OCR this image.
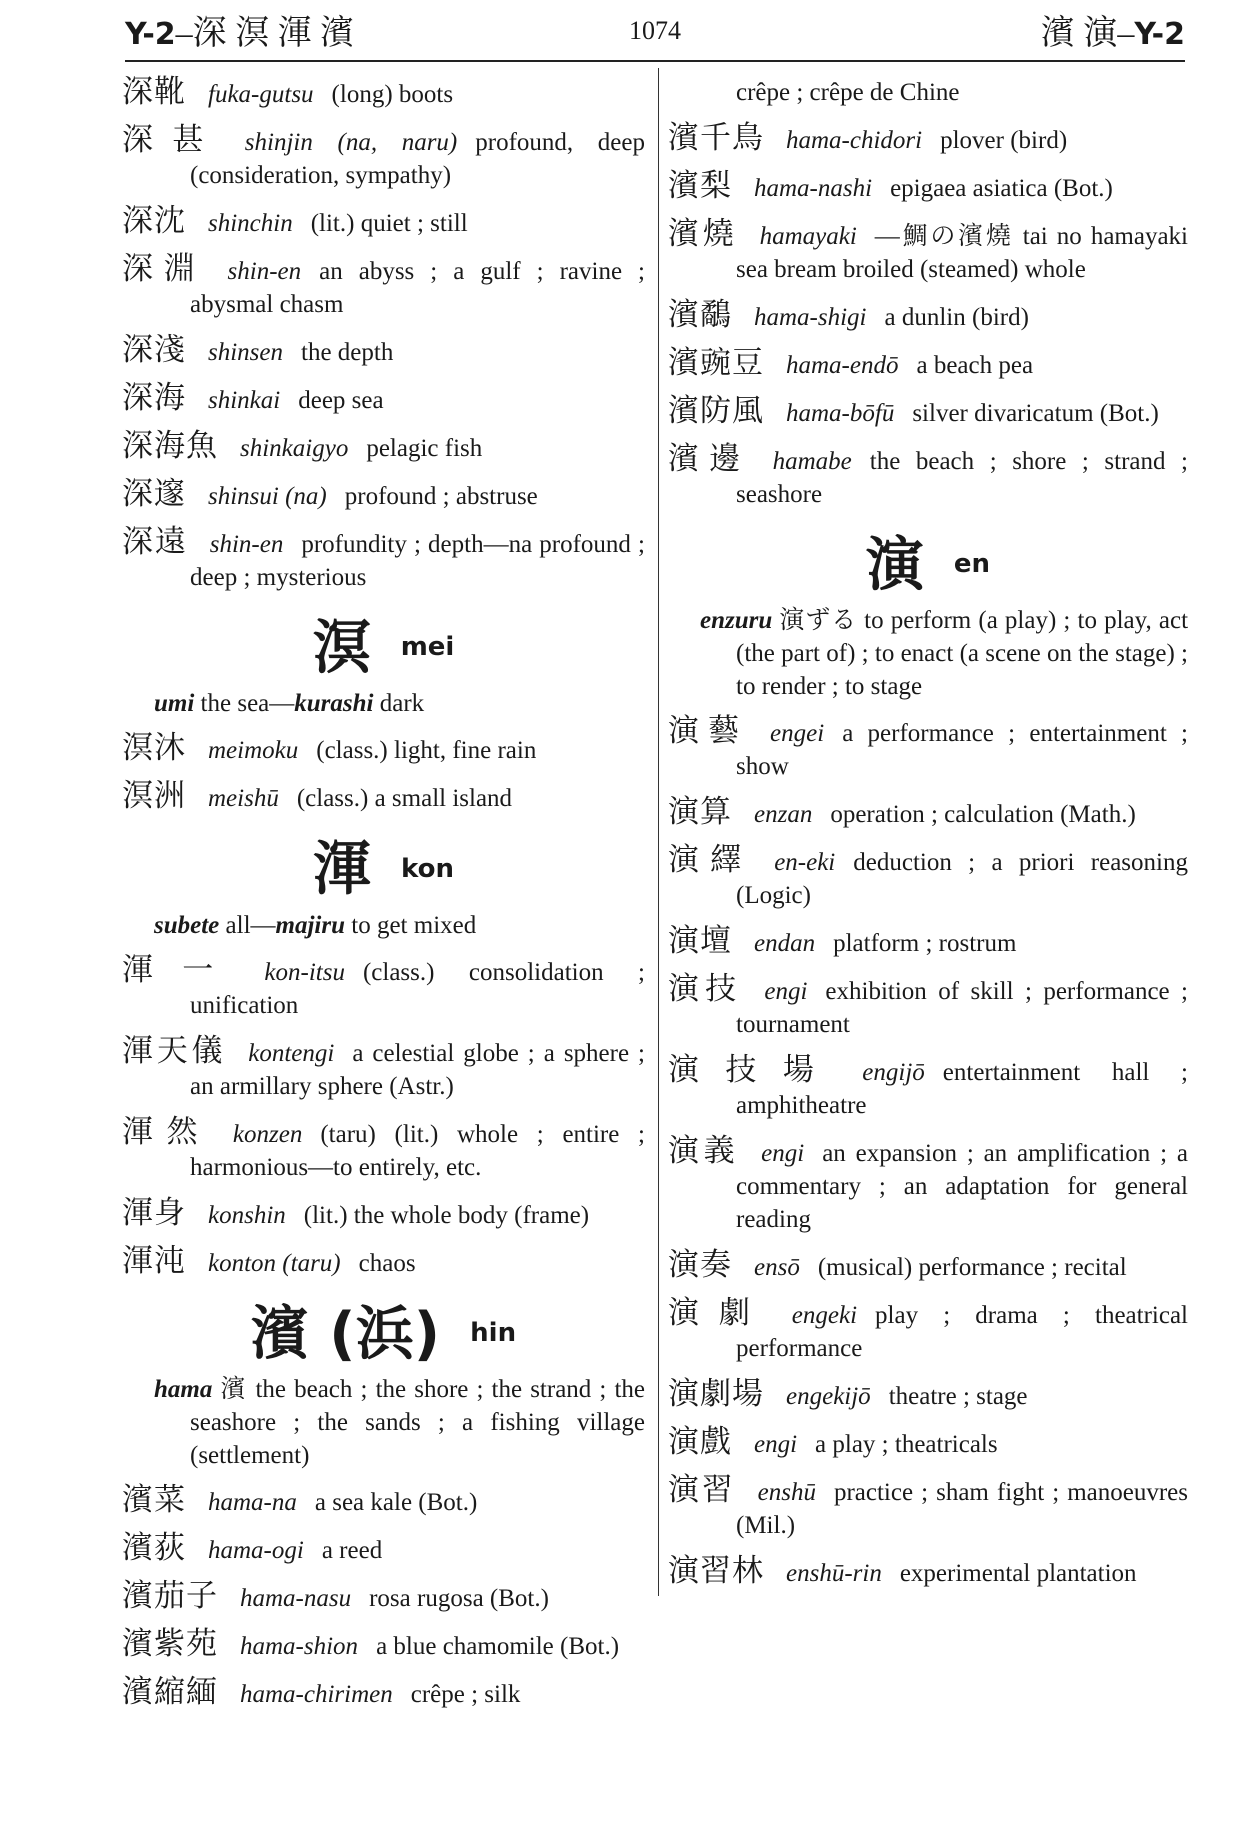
Y-2–深 溟 渾 濱	1074	濱 演–Y-2
深靴 fuka-gutsu (long) boots
深甚 shinjin (na, naru) profound, deep (consideration, sympathy)
深沈 shinchin (lit.) quiet ; still
深淵 shin-en an abyss ; a gulf ; ravine ; abysmal chasm
深淺 shinsen the depth
深海 shinkai deep sea
深海魚 shinkaigyo pelagic fish
深邃 shinsui (na) profound ; abstruse
深遠 shin-en profundity ; depth—na profound ; deep ; mysterious
溟 mei
umi the sea—kurashi dark
溟沐 meimoku (class.) light, fine rain
溟洲 meishū (class.) a small island
渾 kon
subete all—majiru to get mixed
渾一 kon-itsu (class.) consolidation ; unification
渾天儀 kontengi a celestial globe ; a sphere ; an armillary sphere (Astr.)
渾然 konzen (taru) (lit.) whole ; entire ; harmonious—to entirely, etc.
渾身 konshin (lit.) the whole body (frame)
渾沌 konton (taru) chaos
濱 (浜) hin
hama 濱 the beach ; the shore ; the strand ; the seashore ; the sands ; a fishing village (settlement)
濱菜 hama-na a sea kale (Bot.)
濱荻 hama-ogi a reed
濱茄子 hama-nasu rosa rugosa (Bot.)
濱紫苑 hama-shion a blue chamomile (Bot.)
濱縮緬 hama-chirimen crêpe ; silk
crêpe ; crêpe de Chine
濱千鳥 hama-chidori plover (bird)
濱梨 hama-nashi epigaea asiatica (Bot.)
濱燒 hamayaki —鯛の濱燒 tai no hamayaki sea bream broiled (steamed) whole
濱鷸 hama-shigi a dunlin (bird)
濱豌豆 hama-endō a beach pea
濱防風 hama-bōfū silver divaricatum (Bot.)
濱邊 hamabe the beach ; shore ; strand ; seashore
演 en
enzuru 演ずる to perform (a play) ; to play, act (the part of) ; to enact (a scene on the stage) ; to render ; to stage
演藝 engei a performance ; entertainment ; show
演算 enzan operation ; calculation (Math.)
演繹 en-eki deduction ; a priori reasoning (Logic)
演壇 endan platform ; rostrum
演技 engi exhibition of skill ; performance ; tournament
演技場 engijō entertainment hall ; amphitheatre
演義 engi an expansion ; an amplification ; a commentary ; an adaptation for general reading
演奏 ensō (musical) performance ; recital
演劇 engeki play ; drama ; theatrical performance
演劇場 engekijō theatre ; stage
演戲 engi a play ; theatricals
演習 enshū practice ; sham fight ; manoeuvres (Mil.)
演習林 enshū-rin experimental plantation
